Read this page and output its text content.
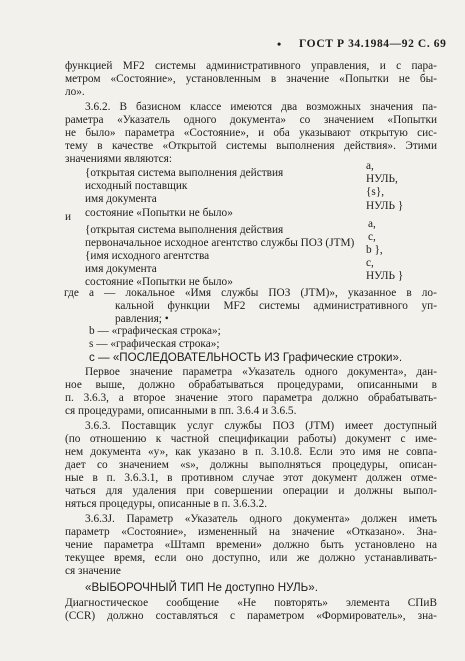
• ГОСТ Р 34.1984—92 С. 69
функцией MF2 системы административного управления, и с пара-
метром «Состояние», установленным в значение «Попытки не бы-
ло».
3.6.2. В базисном классе имеются два возможных значения па-
раметра «Указатель одного документа» со значением «Попытки
не было» параметра «Состояние», и оба указывают открытую сис-
тему в качестве «Открытой системы выполнения действия». Этими
значениями являются:
{открытая система выполнения действия
исходный поставщик
имя документа
состояние «Попытки не было»
и
{открытая система выполнения действия
первоначальное исходное агентство службы ПОЗ (JTM)
{имя исходного агентства
имя документа
состояние «Попытки не было»
где а — локальное «Имя службы ПОЗ (JTM)», указанное в ло-
кальной функции MF2 системы административного уп-
равления; •
b — «графическая строка»;
s — «графическая строка»;
с — «ПОСЛЕДОВАТЕЛЬНОСТЬ ИЗ Графические строки».
Первое значение параметра «Указатель одного документа», дан-
ное выше, должно обрабатываться процедурами, описанными в
п. 3.6.3, а второе значение этого параметра должно обрабатывать-
ся процедурами, описанными в пп. 3.6.4 и 3.6.5.
3.6.3. Поставщик услуг службы ПОЗ (JTM) имеет доступный
(по отношению к частной спецификации работы) документ с име-
нем документа «у», как указано в п. 3.10.8. Если это имя не совпа-
дает со значением «s», должны выполняться процедуры, описан-
ные в п. 3.6.3.1, в противном случае этот документ должен отме-
чаться для удаления при совершении операции и должны выпол-
няться процедуры, описанные в п. 3.6.3.2.
3.6.3J. Параметр «Указатель одного документа» должен иметь
параметр «Состояние», измененный на значение «Отказано». Зна-
чение параметра «Штамп времени» должно быть установлено на
текущее время, если оно доступно, или же должно устанавливать-
ся значение
«ВЫБОРОЧНЫЙ ТИП Не доступно НУЛЬ».
Диагностическое сообщение «Не повторять» элемента СПиВ
(CCR) должно составляться с параметром «Формирователь», зна-
а,
НУЛЬ,
{s},
НУЛЬ }
а,
с,
b },
с,
НУЛЬ }
